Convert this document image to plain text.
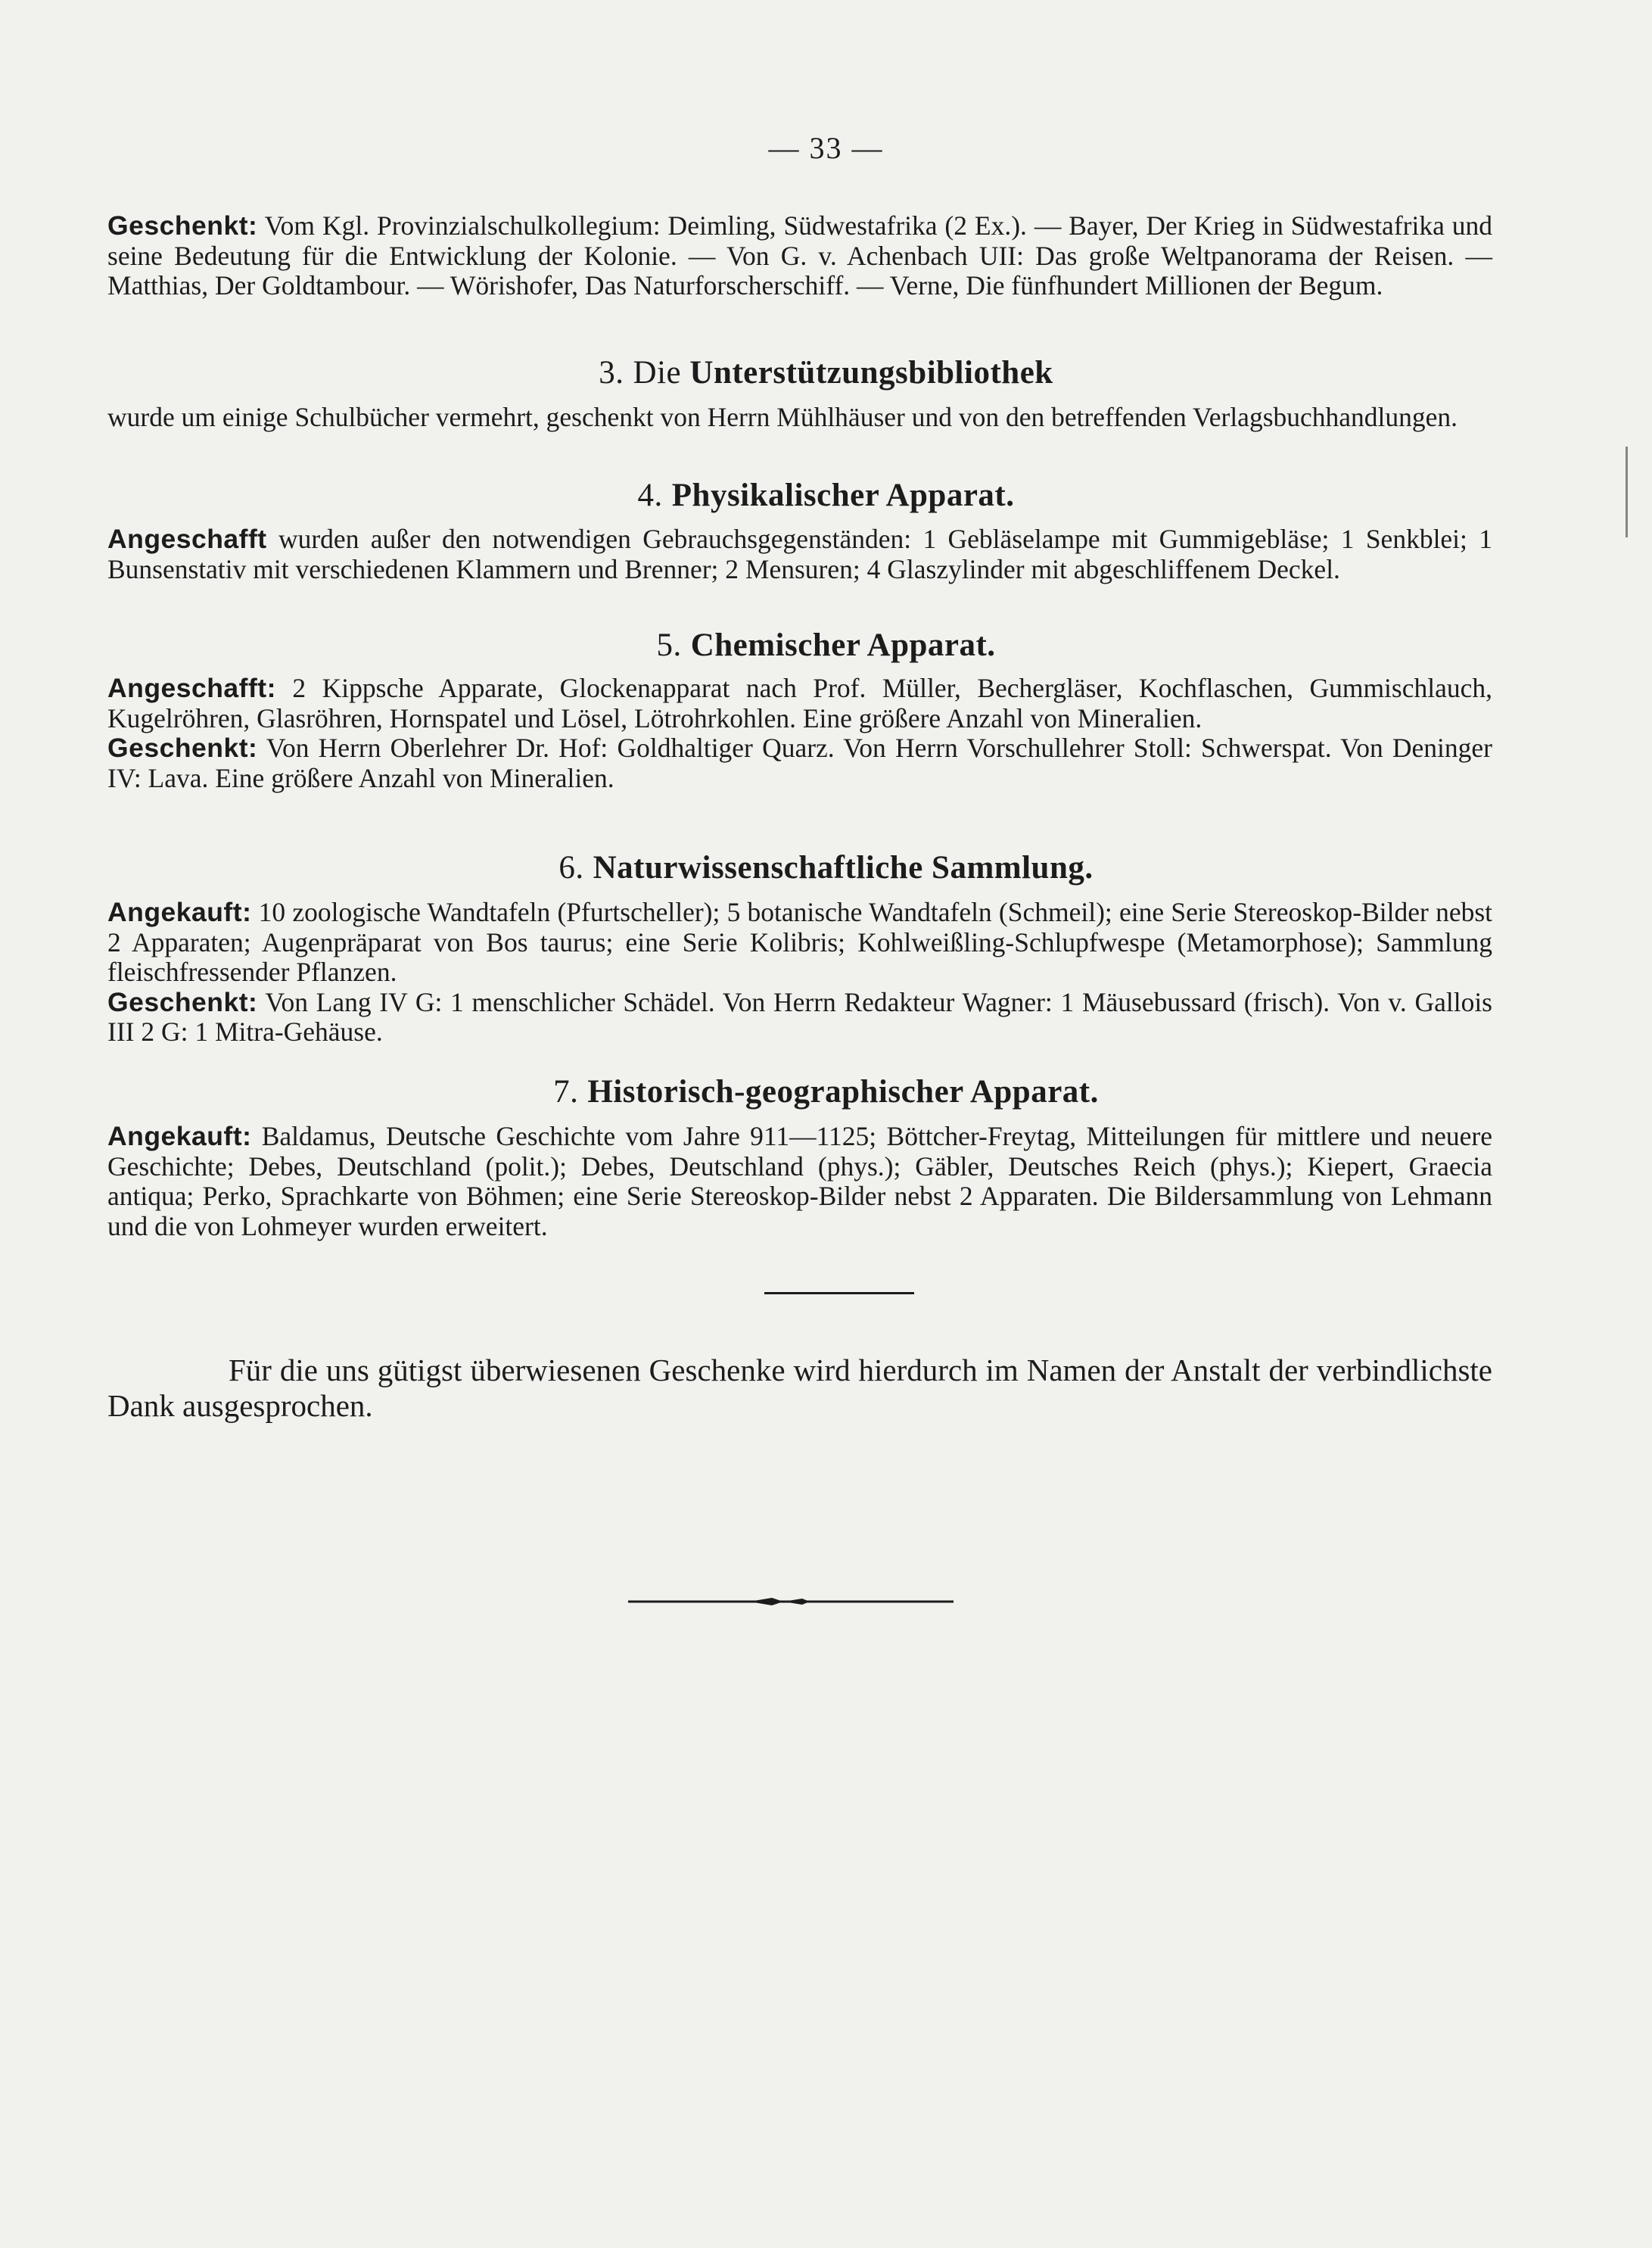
— 33 —

Geschenkt: Vom Kgl. Provinzialschulkollegium: Deimling, Südwestafrika (2 Ex.). — Bayer, Der Krieg in Südwestafrika und seine Bedeutung für die Entwicklung der Kolonie. — Von G. v. Achenbach UII: Das große Weltpanorama der Reisen. — Matthias, Der Goldtambour. — Wörishofer, Das Naturforscherschiff. — Verne, Die fünfhundert Millionen der Begum.

3. Die Unterstützungsbibliothek

wurde um einige Schulbücher vermehrt, geschenkt von Herrn Mühlhäuser und von den betreffenden Verlagsbuchhandlungen.

4. Physikalischer Apparat.

Angeschafft wurden außer den notwendigen Gebrauchsgegenständen: 1 Gebläselampe mit Gummigebläse; 1 Senkblei; 1 Bunsenstativ mit verschiedenen Klammern und Brenner; 2 Mensuren; 4 Glaszylinder mit abgeschliffenem Deckel.

5. Chemischer Apparat.

Angeschafft: 2 Kippsche Apparate, Glockenapparat nach Prof. Müller, Bechergläser, Kochflaschen, Gummischlauch, Kugelröhren, Glasröhren, Hornspatel und Lösel, Lötrohrkohlen. Eine größere Anzahl von Mineralien.

Geschenkt: Von Herrn Oberlehrer Dr. Hof: Goldhaltiger Quarz. Von Herrn Vorschullehrer Stoll: Schwerspat. Von Deninger IV: Lava. Eine größere Anzahl von Mineralien.

6. Naturwissenschaftliche Sammlung.

Angekauft: 10 zoologische Wandtafeln (Pfurtscheller); 5 botanische Wandtafeln (Schmeil); eine Serie Stereoskop-Bilder nebst 2 Apparaten; Augenpräparat von Bos taurus; eine Serie Kolibris; Kohlweißling-Schlupfwespe (Metamorphose); Sammlung fleischfressender Pflanzen.

Geschenkt: Von Lang IV G: 1 menschlicher Schädel. Von Herrn Redakteur Wagner: 1 Mäusebussard (frisch). Von v. Gallois III 2 G: 1 Mitra-Gehäuse.

7. Historisch-geographischer Apparat.

Angekauft: Baldamus, Deutsche Geschichte vom Jahre 911—1125; Böttcher-Freytag, Mitteilungen für mittlere und neuere Geschichte; Debes, Deutschland (polit.); Debes, Deutschland (phys.); Gäbler, Deutsches Reich (phys.); Kiepert, Graecia antiqua; Perko, Sprachkarte von Böhmen; eine Serie Stereoskop-Bilder nebst 2 Apparaten. Die Bildersammlung von Lehmann und die von Lohmeyer wurden erweitert.

Für die uns gütigst überwiesenen Geschenke wird hierdurch im Namen der Anstalt der verbindlichste Dank ausgesprochen.
